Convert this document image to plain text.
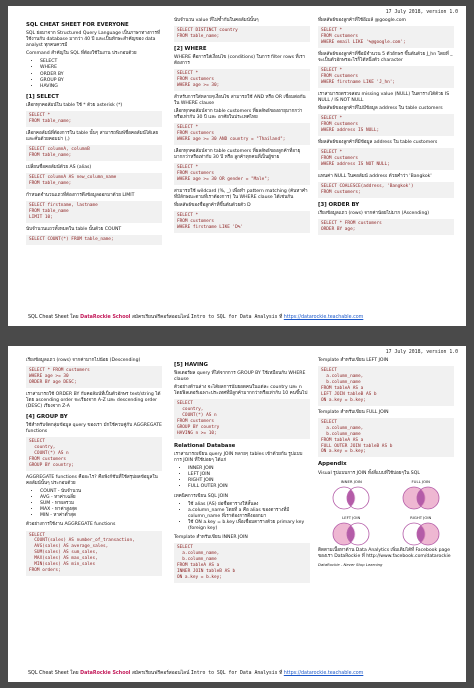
17 July 2018, version 1.0
SQL CHEAT SHEET FOR EVERYONE
SQL ย่อมาจาก Structured Query Language เป็นภาษาทางการที่ใช้งานกับ database มากว่า 40 ปี และเป็นทักษะสำคัญของ data analyst ทุกคนควรมี
Command สำคัญใน SQL ที่ต้องใช้ในงาน ประกอบด้วย
• SELECT
• WHERE
• ORDER BY
• GROUP BY
• HAVING
[1] SELECT
เลือกทุกคอลัมน์ใน table ใช้ * ด้วย asterisk (*)
SELECT *
FROM table_name;
เลือกคอลัมน์ที่ต้องการใน table นั้นๆ สามารถพิมพ์ชื่อคอลัมน์ได้เลย และคั่นด้วยคอมม่า (,)
SELECT columnA, columnB
FROM table_name;
เปลี่ยนชื่อคอลัมน์ด้วย AS (alias)
SELECT columnA AS new_column_name
FROM table_name;
กำหนดจำนวนแถวที่ต้องการดึงข้อมูลออกมาด้วย LIMIT
SELECT firstname, lastname
FROM table_name
LIMIT 10;
นับจำนวนแถวทั้งหมดใน table นั้นด้วย COUNT
SELECT COUNT(*) FROM table_name;
นับจำนวน value ที่ไม่ซ้ำกันในคอลัมน์นั้นๆ
SELECT DISTINCT country
FROM table_name;
[2] WHERE
WHERE คือการใส่เงื่อนไข (conditions) ในการ filter rows ที่เราต้องการ
SELECT *
FROM customers
WHERE age >= 30;
สำหรับการใส่หลายๆเงื่อนไข สามารถใช้ AND หรือ OR เชื่อมต่อกันใน WHERE clause
เลือกทุกคอลัมน์จาก table customers ที่ผลลัพธ์ของอายุมากกว่าหรือเท่ากับ 30 ปี และ อาศัยในประเทศไทย
SELECT *
FROM customers
WHERE age >= 30 AND country = "Thailand";
เลือกทุกคอลัมน์จาก table customers ที่ผลลัพธ์ของลูกค้าที่อายุมากกว่าหรือเท่ากับ 30 ปี หรือ ลูกค้าทุกคนที่เป็นผู้ชาย
SELECT *
FROM customers
WHERE age >= 30 OR gender = "Male";
สามารถใช้ wildcard (%, _) เพื่อทำ pattern matching (ค้นหาคำที่มีลักษณะตามที่เราต้องการ) ใน WHERE clause ได้เช่นกัน
ที่ผลลัพธ์ของชื่อลูกค้าที่ขึ้นต้นด้วยตัว D
SELECT *
FROM customers
WHERE firstname LIKE 'D%'
ที่ผลลัพธ์ของลูกค้าที่ใช้อีเมล์ @google.com
SELECT *
FROM customers
WHERE email LIKE '%@google.com';
ที่ผลลัพธ์ของลูกค้าที่ชื่อมีจำนวน 5 ตัวอักษร ขึ้นต้นด้วย J_hn โดยที่ _ จะเป็นตัวอักษรอะไรก็ได้หนึ่งตัว character
SELECT *
FROM customers
WHERE firstname LIKE 'J_hn';
เราสามารถตรวจสอบ missing value (NULL) ในตารางได้ด้วย IS NULL / IS NOT NULL
ที่ผลลัพธ์ของลูกค้าที่ไม่มีข้อมูล address ใน table customers
SELECT *
FROM customers
WHERE address IS NULL;
ที่ผลลัพธ์ของลูกค้าที่มีข้อมูล address ใน table customers
SELECT *
FROM customers
WHERE address IS NOT NULL;
แทนค่า NULL ในคอลัมน์ address ด้วยคำว่า 'Bangkok'
SELECT COALESCE(address, 'Bangkok')
FROM customers;
[3] ORDER BY
เรียงข้อมูลแถว (rows) จากค่าน้อยไปมาก (Ascending)
SELECT * FROM customers
ORDER BY age;
SQL Cheat Sheet โดย DataRockie School สมัครเรียนฟรีคอร์สออนไลน์ Intro to SQL for Data Analysis ที่ https://datarockie.teachable.com
17 July 2018, version 1.0
เรียงข้อมูลแถว (rows) จากค่ามากไปน้อย (Descending)
SELECT * FROM customers
WHERE age >= 30
ORDER BY age DESC;
เราสามารถใช้ ORDER BY กับคอลัมน์ที่เป็นตัวอักษร text/string ได้ โดย ascending order จะเรียงจาก A-Z และ descending order (DESC) เรียงจาก Z-A
[4] GROUP BY
ใช้สำหรับจัดกลุ่มข้อมูล query ของเรา มักใช้ควบคู่กับ AGGREGATE functions
SELECT
country,
COUNT(*) AS n
FROM customers
GROUP BY country;
AGGREGATE functions คืออะไร? คือฟังก์ชันที่ใช้สรุปผลข้อมูลในคอลัมน์นั้นๆ ประกอบด้วย
• COUNT - นับจำนวน
• AVG - หาค่าเฉลี่ย
• SUM - หาผลรวม
• MAX - หาค่าสูงสุด
• MIN - หาค่าต่ำสุด
ตัวอย่างการใช้งาน AGGREGATE functions
SELECT
COUNT(sales) AS number_of_transaction,
AVG(sales) AS average_sales,
SUM(sales) AS sum_sales,
MAX(sales) AS max_sales,
MIN(sales) AS min_sales
FROM orders;
[5] HAVING
ฟิลเตอร์ผล query ที่ได้จากการ GROUP BY ใช้เหมือนกับ WHERE clause
ตัวอย่างด้านล่าง จะได้ผลการนับยอดคนในแต่ละ country และ n โดยฟิลเตอร์เฉพาะประเทศที่มีลูกค้ามากกว่าหรือเท่ากับ 10 คนขึ้นไป
SELECT
country,
COUNT(*) AS n
FROM customers
GROUP BY country
HAVING n >= 10;
Relational Database
เราสามารถเขียน query JOIN หลายๆ tables เข้าด้วยกัน รูปแบบการ JOIN ที่ใช้บ่อยๆ ได้แก่
• INNER JOIN
• LEFT JOIN
• RIGHT JOIN
• FULL OUTER JOIN
เทคนิคการเขียน SQL JOIN
• ใช้ alias (AS) ย่อชื่อตารางให้สั้นลง
• a.column_name โดยที่ a คือ alias ของตารางที่มี column_name ที่เราต้องการดึงออกมา
• ใช้ ON a.key = b.key เพื่อเชื่อมตารางด้วย primary key (foreign key)
Template สำหรับเขียน INNER JOIN
SELECT
a.column_name,
b.column_name
FROM tableA AS a
INNER JOIN tableB AS b
ON a.key = b.key;
Template สำหรับเขียน LEFT JOIN
SELECT
a.column_name,
b.column_name
FROM tableA AS a
LEFT JOIN tableB AS b
ON a.key = b.key;
Template สำหรับเขียน FULL JOIN
SELECT
a.column_name,
b.column_name
FROM tableA AS a
FULL OUTER JOIN tableB AS b
ON a.key = b.key;
Appendix
Visual รูปแบบการ JOIN ทั้งสี่แบบที่ใช้บ่อยๆใน SQL
INNER JOIN	FULL JOIN
LEFT JOIN	RIGHT JOIN
ติดตามเนื้อหาด้าน Data Analytics เพิ่มเติมได้ที่ Facebook page ของเรา DataRockie ที่ http://www.facebook.com/datarockie
DataRockie - Never Stop Learning
SQL Cheat Sheet โดย DataRockie School สมัครเรียนฟรีคอร์สออนไลน์ Intro to SQL for Data Analysis ที่ https://datarockie.teachable.com
